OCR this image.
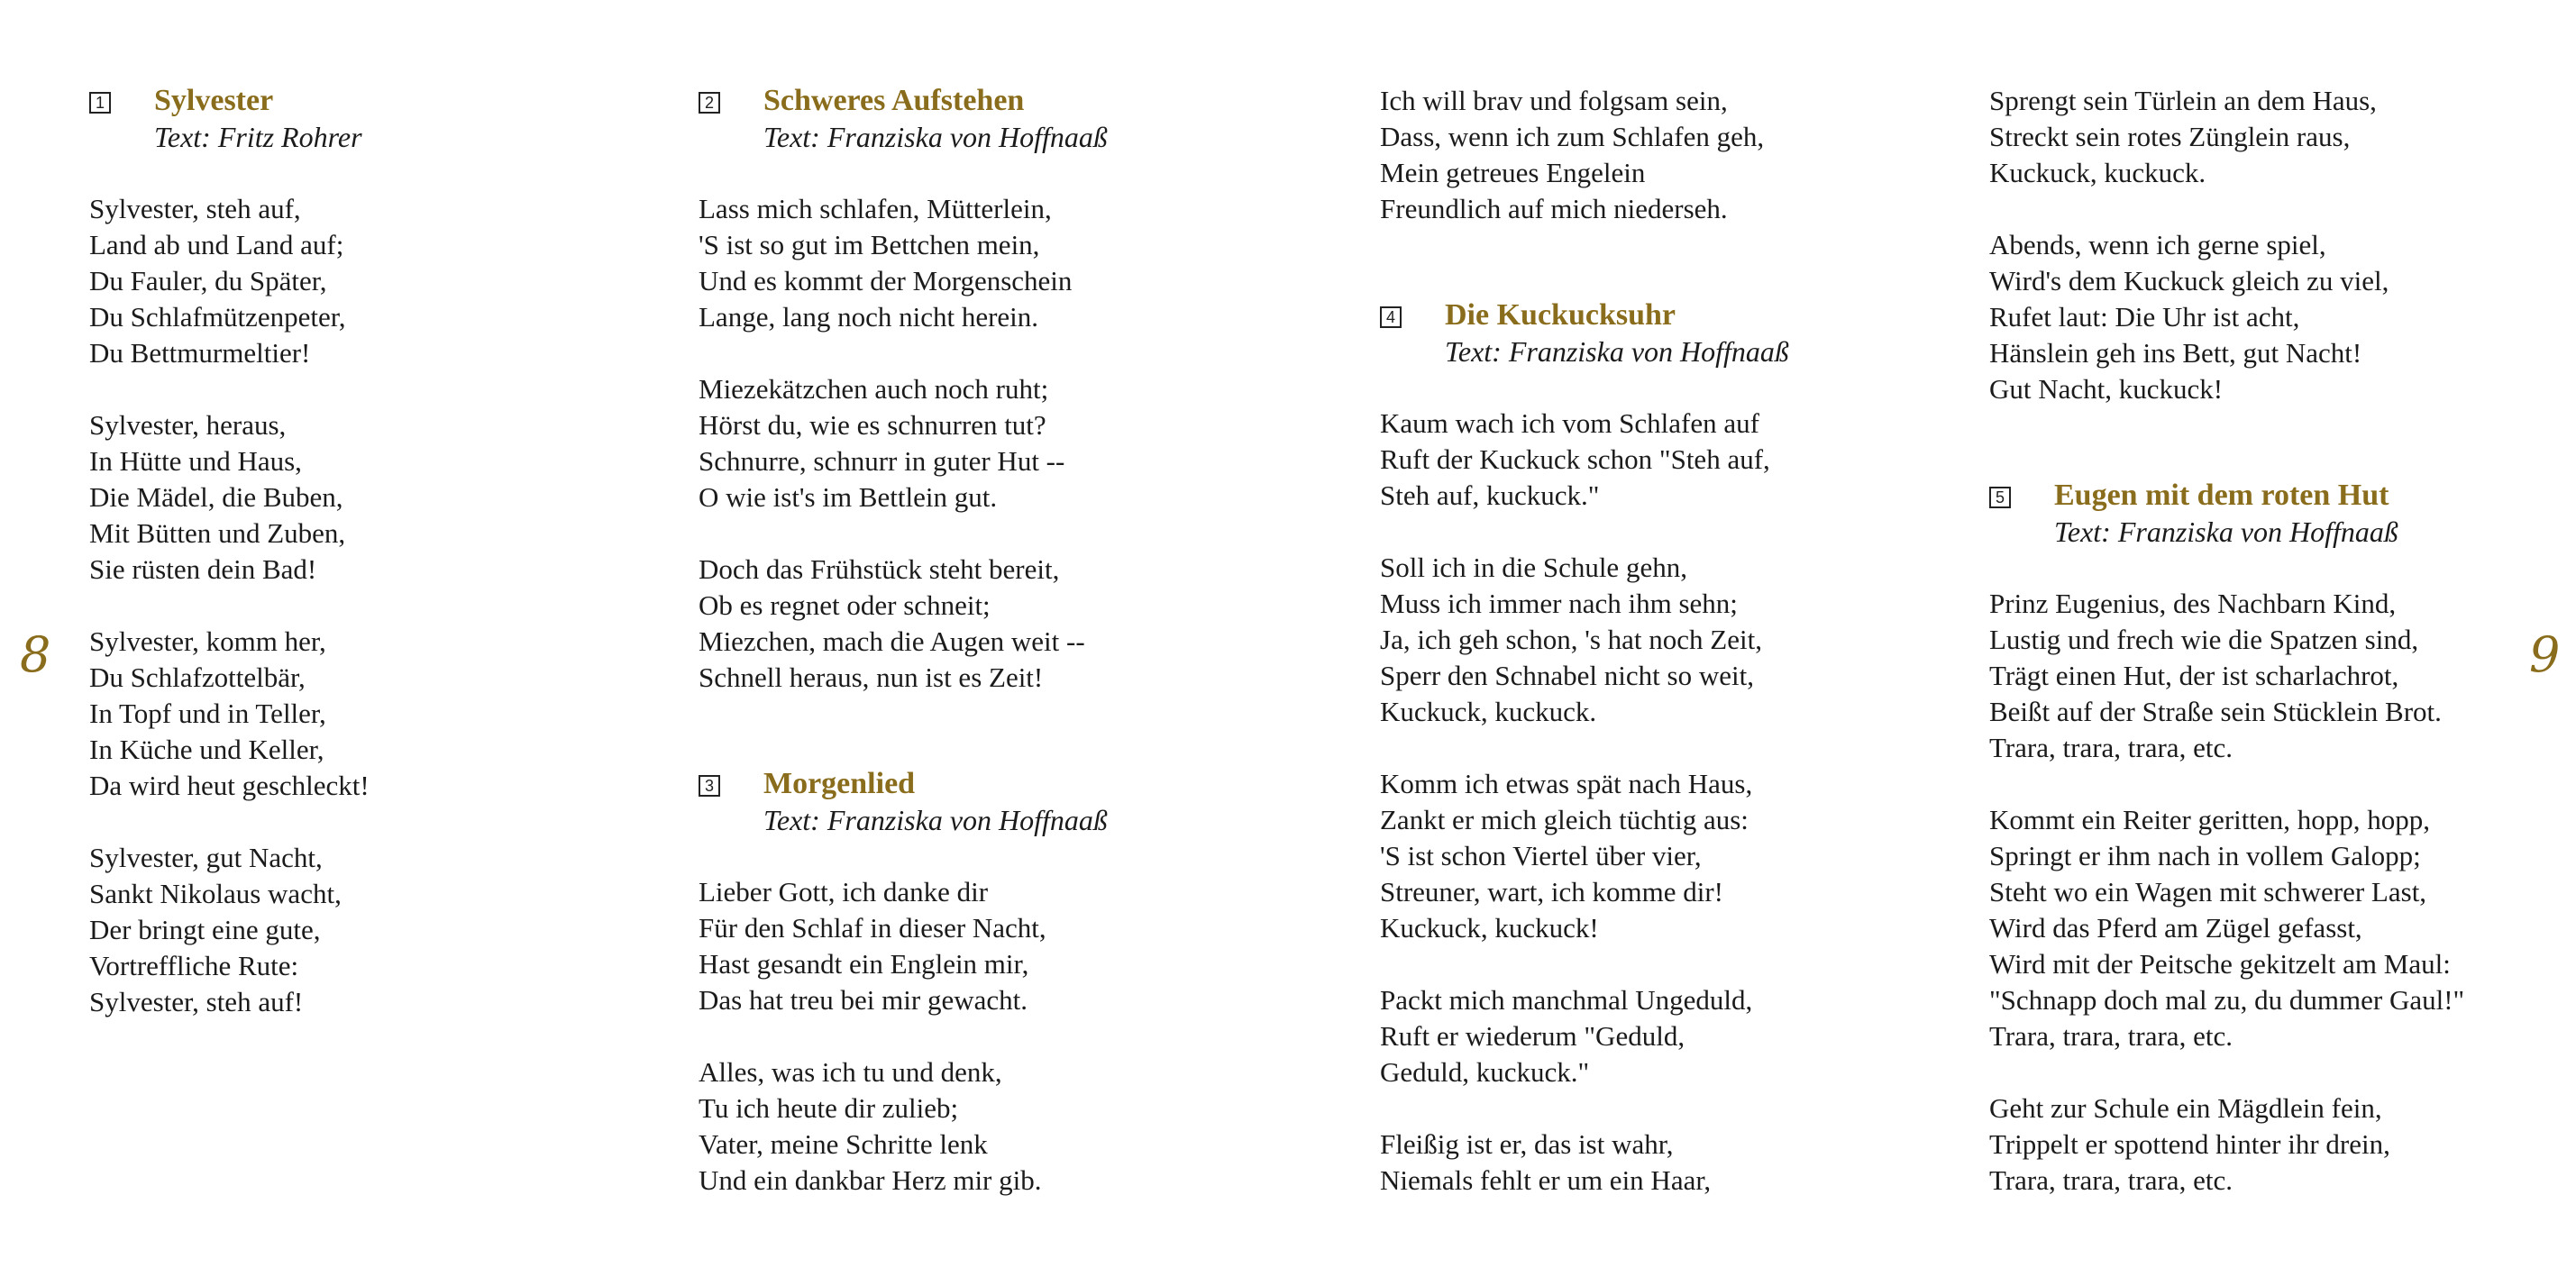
8
1 Sylvester
Text: Fritz Rohrer
Sylvester, steh auf,
Land ab und Land auf;
Du Fauler, du Später,
Du Schlafmützenpeter,
Du Bettmurmeltier!
Sylvester, heraus,
In Hütte und Haus,
Die Mädel, die Buben,
Mit Bütten und Zuben,
Sie rüsten dein Bad!
Sylvester, komm her,
Du Schlafzottelbär,
In Topf und in Teller,
In Küche und Keller,
Da wird heut geschleckt!
Sylvester, gut Nacht,
Sankt Nikolaus wacht,
Der bringt eine gute,
Vortreffliche Rute:
Sylvester, steh auf!
2 Schweres Aufstehen
Text: Franziska von Hoffnaaß
Lass mich schlafen, Mütterlein,
'S ist so gut im Bettchen mein,
Und es kommt der Morgenschein
Lange, lang noch nicht herein.
Miezekätzchen auch noch ruht;
Hörst du, wie es schnurren tut?
Schnurre, schnurr in guter Hut --
O wie ist's im Bettlein gut.
Doch das Frühstück steht bereit,
Ob es regnet oder schneit;
Miezchen, mach die Augen weit --
Schnell heraus, nun ist es Zeit!
3 Morgenlied
Text: Franziska von Hoffnaaß
Lieber Gott, ich danke dir
Für den Schlaf in dieser Nacht,
Hast gesandt ein Englein mir,
Das hat treu bei mir gewacht.
Alles, was ich tu und denk,
Tu ich heute dir zulieb;
Vater, meine Schritte lenk
Und ein dankbar Herz mir gib.
9
Ich will brav und folgsam sein,
Dass, wenn ich zum Schlafen geh,
Mein getreues Engelein
Freundlich auf mich niederseh.
4 Die Kuckucksuhr
Text: Franziska von Hoffnaaß
Kaum wach ich vom Schlafen auf
Ruft der Kuckuck schon "Steh auf,
Steh auf, kuckuck."
Soll ich in die Schule gehn,
Muss ich immer nach ihm sehn;
Ja, ich geh schon, 's hat noch Zeit,
Sperr den Schnabel nicht so weit,
Kuckuck, kuckuck.
Komm ich etwas spät nach Haus,
Zankt er mich gleich tüchtig aus:
'S ist schon Viertel über vier,
Streuner, wart, ich komme dir!
Kuckuck, kuckuck!
Packt mich manchmal Ungeduld,
Ruft er wiederum "Geduld,
Geduld, kuckuck."
Fleißig ist er, das ist wahr,
Niemals fehlt er um ein Haar,
Sprengt sein Türlein an dem Haus,
Streckt sein rotes Zünglein raus,
Kuckuck, kuckuck.
Abends, wenn ich gerne spiel,
Wird's dem Kuckuck gleich zu viel,
Rufet laut: Die Uhr ist acht,
Hänslein geh ins Bett, gut Nacht!
Gut Nacht, kuckuck!
5 Eugen mit dem roten Hut
Text: Franziska von Hoffnaaß
Prinz Eugenius, des Nachbarn Kind,
Lustig und frech wie die Spatzen sind,
Trägt einen Hut, der ist scharlachrot,
Beißt auf der Straße sein Stücklein Brot.
Trara, trara, trara, etc.
Kommt ein Reiter geritten, hopp, hopp,
Springt er ihm nach in vollem Galopp;
Steht wo ein Wagen mit schwerer Last,
Wird das Pferd am Zügel gefasst,
Wird mit der Peitsche gekitzelt am Maul:
"Schnapp doch mal zu, du dummer Gaul!"
Trara, trara, trara, etc.
Geht zur Schule ein Mägdlein fein,
Trippelt er spottend hinter ihr drein,
Trara, trara, trara, etc.
